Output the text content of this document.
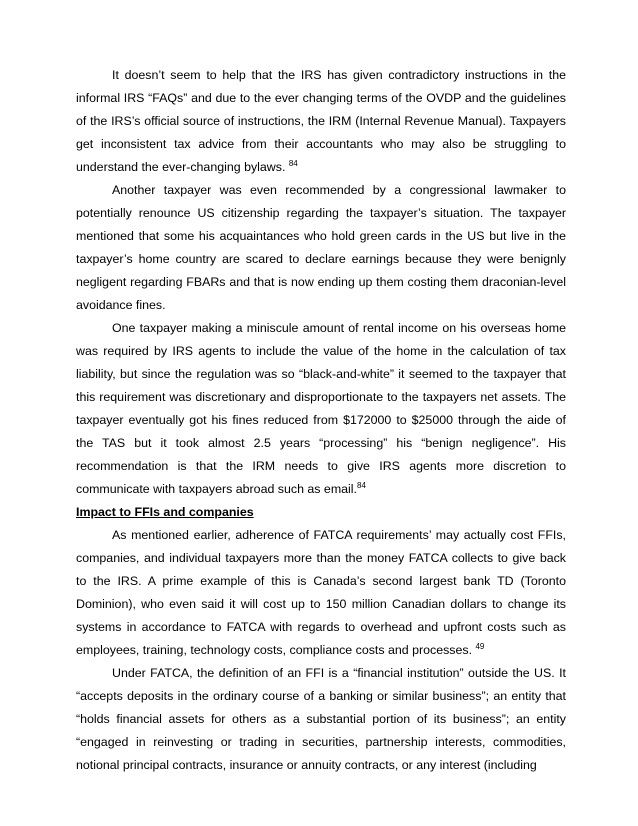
It doesn’t seem to help that the IRS has given contradictory instructions in the informal IRS “FAQs” and due to the ever changing terms of the OVDP and the guidelines of the IRS’s official source of instructions, the IRM (Internal Revenue Manual). Taxpayers get inconsistent tax advice from their accountants who may also be struggling to understand the ever-changing bylaws. $^{84}$

Another taxpayer was even recommended by a congressional lawmaker to potentially renounce US citizenship regarding the taxpayer’s situation. The taxpayer mentioned that some his acquaintances who hold green cards in the US but live in the taxpayer’s home country are scared to declare earnings because they were benignly negligent regarding FBARs and that is now ending up them costing them draconian-level avoidance fines.

One taxpayer making a miniscule amount of rental income on his overseas home was required by IRS agents to include the value of the home in the calculation of tax liability, but since the regulation was so “black-and-white” it seemed to the taxpayer that this requirement was discretionary and disproportionate to the taxpayers net assets. The taxpayer eventually got his fines reduced from $172000 to $25000 through the aide of the TAS but it took almost 2.5 years “processing” his “benign negligence”. His recommendation is that the IRM needs to give IRS agents more discretion to communicate with taxpayers abroad such as email.$^{84}$

Impact to FFIs and companies

As mentioned earlier, adherence of FATCA requirements’ may actually cost FFIs, companies, and individual taxpayers more than the money FATCA collects to give back to the IRS. A prime example of this is Canada’s second largest bank TD (Toronto Dominion), who even said it will cost up to 150 million Canadian dollars to change its systems in accordance to FATCA with regards to overhead and upfront costs such as employees, training, technology costs, compliance costs and processes. $^{49}$

Under FATCA, the definition of an FFI is a “financial institution” outside the US. It “accepts deposits in the ordinary course of a banking or similar business”; an entity that “holds financial assets for others as a substantial portion of its business”; an entity “engaged in reinvesting or trading in securities, partnership interests, commodities, notional principal contracts, insurance or annuity contracts, or any interest (including
